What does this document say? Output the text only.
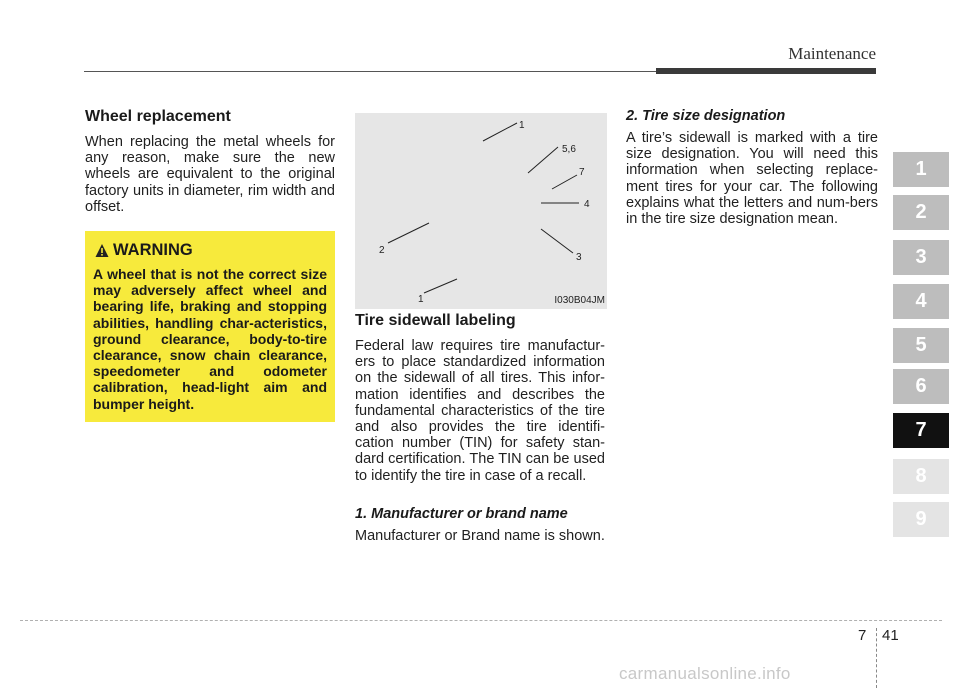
Maintenance
Wheel replacement

When replacing the metal wheels for any reason, make sure the new wheels are equivalent to the original factory units in diameter, rim width and offset.

WARNING

A wheel that is not the correct size may adversely affect wheel and bearing life, braking and stopping abilities, handling char-acteristics, ground clearance, body-to-tire clearance, snow chain clearance, speedometer and odometer calibration, head-light aim and bumper height.

1
5,6
7
4
3
2
1	I030B04JM
Tire sidewall labeling

Federal law requires tire manufactur-ers to place standardized information on the sidewall of all tires. This infor-mation identifies and describes the fundamental characteristics of the tire and also provides the tire identifi-cation number (TIN) for safety stan-dard certification. The TIN can be used to identify the tire in case of a recall.

1. Manufacturer or brand name

Manufacturer or Brand name is shown.

2. Tire size designation

A tire’s sidewall is marked with a tire size designation. You will need this information when selecting replace-ment tires for your car. The following explains what the letters and num-bers in the tire size designation mean.

1
2
3
4
5
6
7
8
9
7 41
carmanualsonline.info
